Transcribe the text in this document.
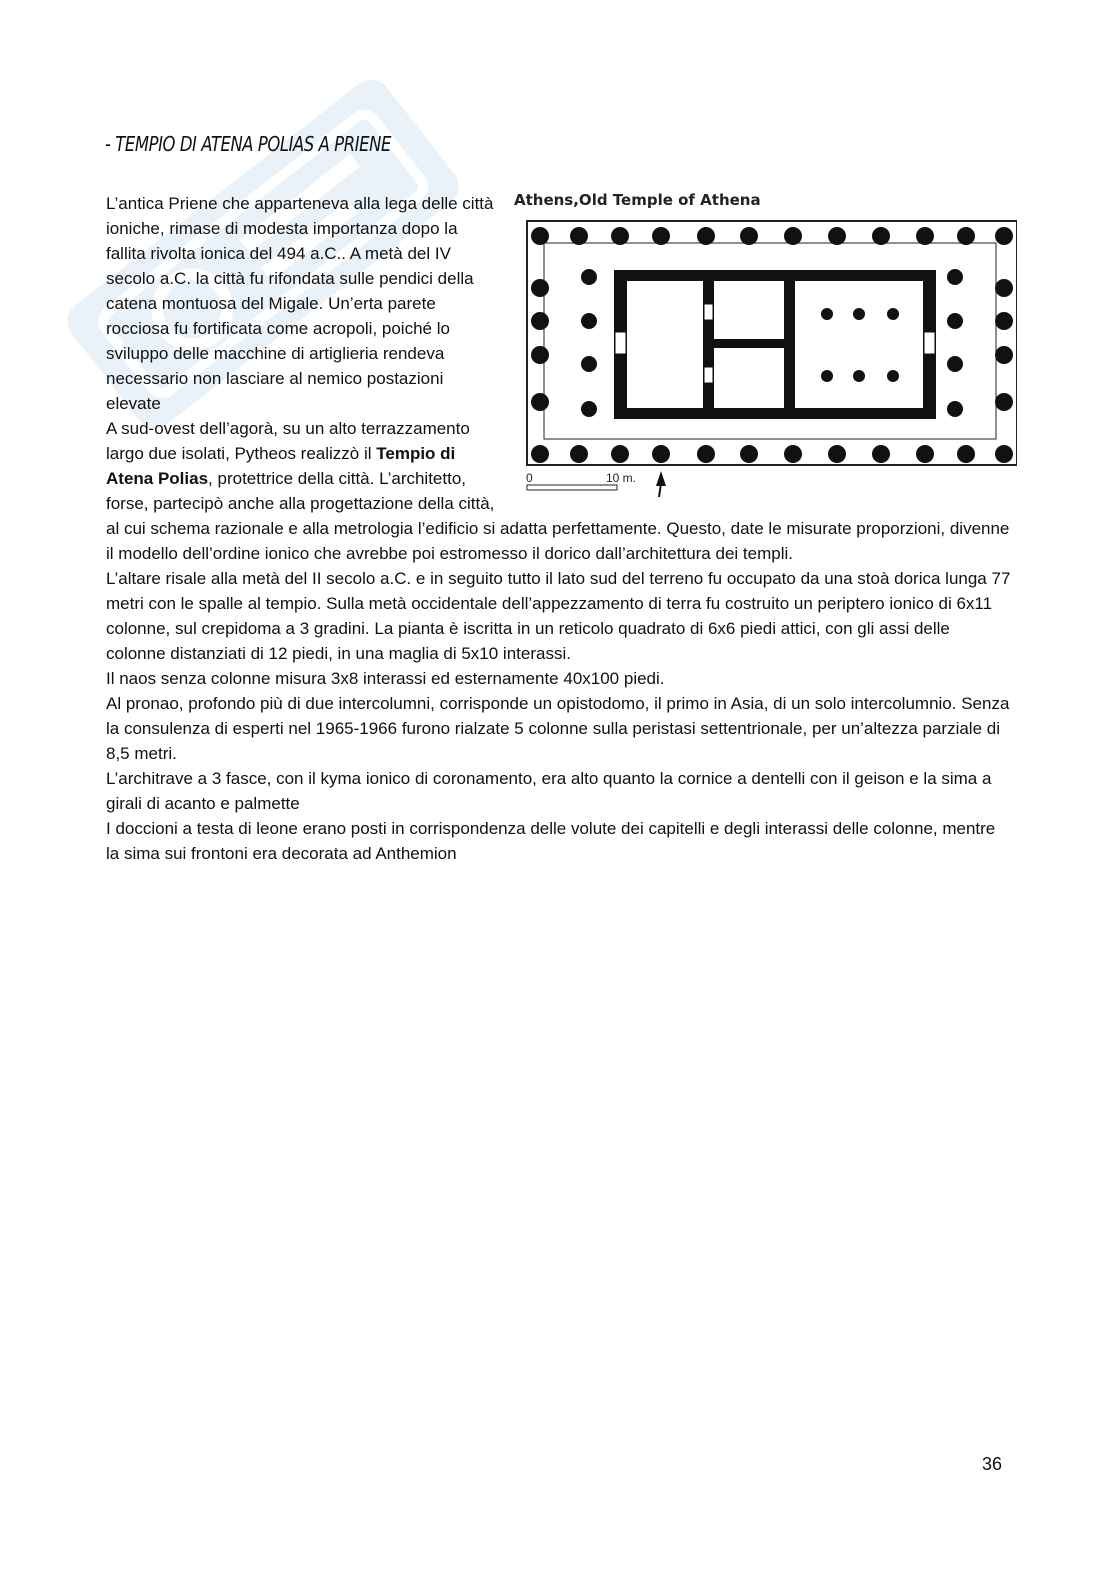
- TEMPIO DI ATENA POLIAS A PRIENE
Athens,Old Temple of Athena
0	10 m.

L’antica Priene che apparteneva alla lega delle città ioniche, rimase di modesta importanza dopo la fallita rivolta ionica del 494 a.C.. A metà del IV secolo a.C. la città fu rifondata sulle pendici della catena montuosa del Migale. Un’erta parete rocciosa fu fortificata come acropoli, poiché lo sviluppo delle macchine di artiglieria rendeva necessario non lasciare al nemico postazioni elevate

A sud-ovest dell’agorà, su un alto terrazzamento largo due isolati, Pytheos realizzò il Tempio di Atena Polias, protettrice della città. L’architetto, forse, partecipò anche alla progettazione della città, al cui schema razionale e alla metrologia l’edificio si adatta perfettamente. Questo, date le misurate proporzioni, divenne il modello dell’ordine ionico che avrebbe poi estromesso il dorico dall’architettura dei templi.

L’altare risale alla metà del II secolo a.C. e in seguito tutto il lato sud del terreno fu occupato da una stoà dorica lunga 77 metri con le spalle al tempio. Sulla metà occidentale dell’appezzamento di terra fu costruito un periptero ionico di 6x11 colonne, sul crepidoma a 3 gradini. La pianta è iscritta in un reticolo quadrato di 6x6 piedi attici, con gli assi delle colonne distanziati di 12 piedi, in una maglia di 5x10 interassi.

Il naos senza colonne misura 3x8 interassi ed esternamente 40x100 piedi.

Al pronao, profondo più di due intercolumni, corrisponde un opistodomo, il primo in Asia, di un solo intercolumnio. Senza la consulenza di esperti nel 1965-1966 furono rialzate 5 colonne sulla peristasi settentrionale, per un’altezza parziale di 8,5 metri.

L’architrave a 3 fasce, con il kyma ionico di coronamento, era alto quanto la cornice a dentelli con il geison e la sima a girali di acanto e palmette

I doccioni a testa di leone erano posti in corrispondenza delle volute dei capitelli e degli interassi delle colonne, mentre la sima sui frontoni era decorata ad Anthemion

36
